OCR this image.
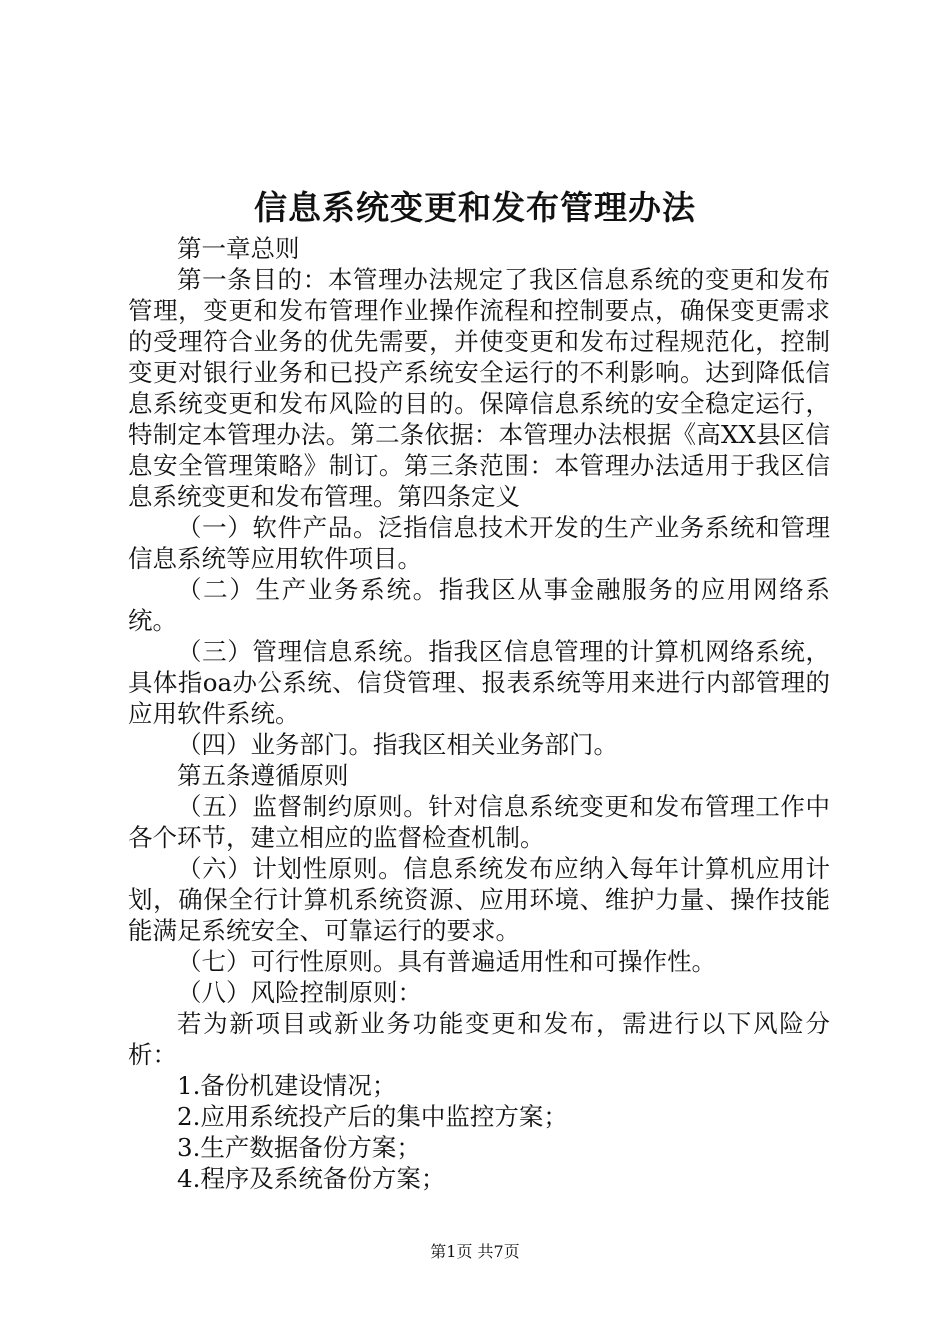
信息系统变更和发布管理办法

第一章总则

第一条目的：本管理办法规定了我区信息系统的变更和发布管理，变更和发布管理作业操作流程和控制要点，确保变更需求的受理符合业务的优先需要，并使变更和发布过程规范化，控制变更对银行业务和已投产系统安全运行的不利影响。达到降低信息系统变更和发布风险的目的。保障信息系统的安全稳定运行，特制定本管理办法。第二条依据：本管理办法根据《高XX县区信息安全管理策略》制订。第三条范围：本管理办法适用于我区信息系统变更和发布管理。第四条定义

（一）软件产品。泛指信息技术开发的生产业务系统和管理信息系统等应用软件项目。

（二）生产业务系统。指我区从事金融服务的应用网络系统。

（三）管理信息系统。指我区信息管理的计算机网络系统，具体指oa办公系统、信贷管理、报表系统等用来进行内部管理的应用软件系统。

（四）业务部门。指我区相关业务部门。

第五条遵循原则

（五）监督制约原则。针对信息系统变更和发布管理工作中各个环节，建立相应的监督检查机制。

（六）计划性原则。信息系统发布应纳入每年计算机应用计划，确保全行计算机系统资源、应用环境、维护力量、操作技能能满足系统安全、可靠运行的要求。

（七）可行性原则。具有普遍适用性和可操作性。

（八）风险控制原则：

若为新项目或新业务功能变更和发布，需进行以下风险分析：

1.备份机建设情况；

2.应用系统投产后的集中监控方案；

3.生产数据备份方案；

4.程序及系统备份方案；

第1页 共7页
